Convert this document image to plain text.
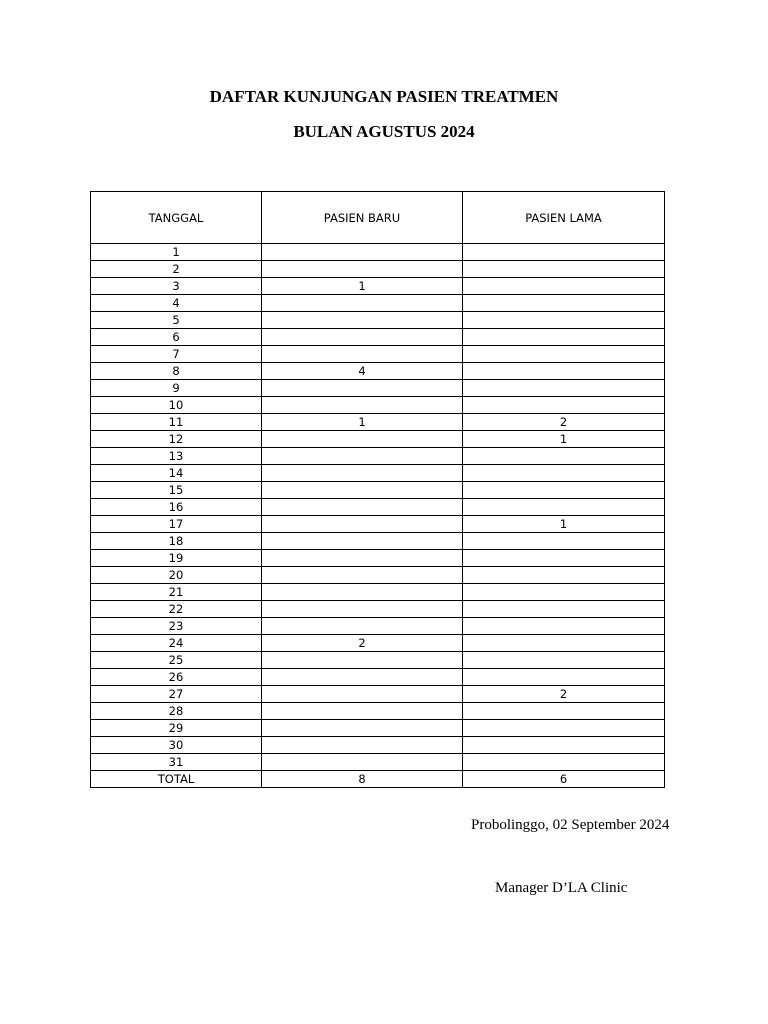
DAFTAR KUNJUNGAN PASIEN TREATMEN
BULAN AGUSTUS 2024
TANGGAL	PASIEN BARU	PASIEN LAMA
1		
2		
3	1	
4		
5		
6		
7		
8	4	
9		
10		
11	1	2
12		1
13		
14		
15		
16		
17		1
18		
19		
20		
21		
22		
23		
24	2	
25		
26		
27		2
28		
29		
30		
31		
TOTAL	8	6
Probolinggo, 02 September 2024
Manager D’LA Clinic
